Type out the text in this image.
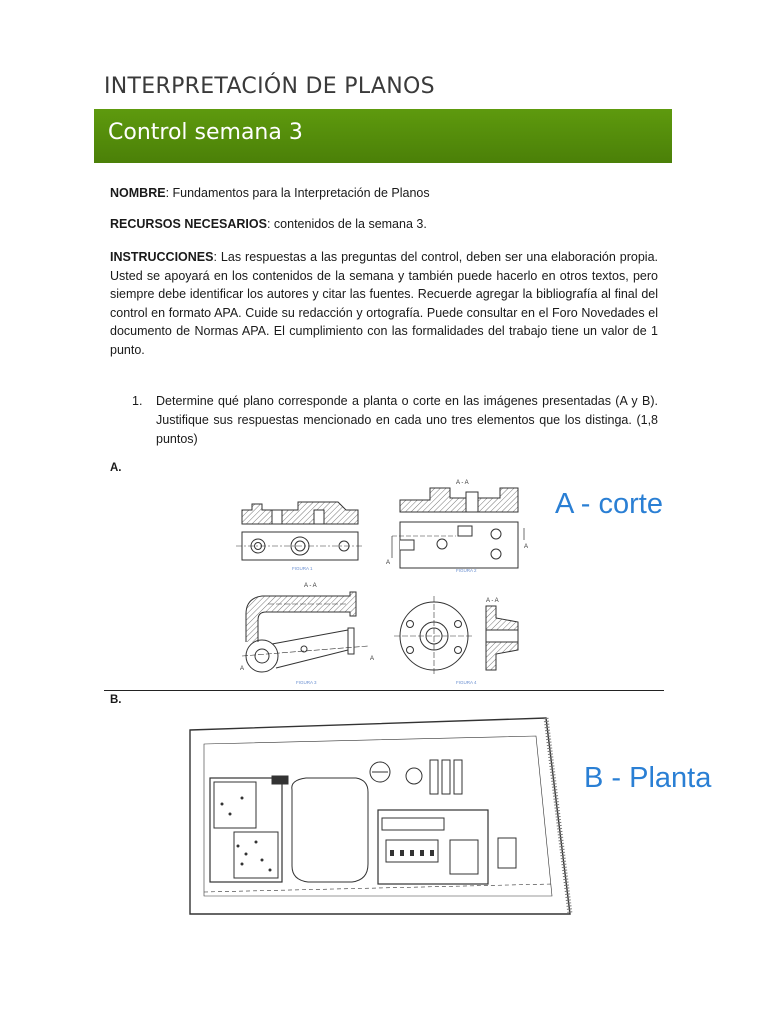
INTERPRETACIÓN DE PLANOS
Control semana 3
NOMBRE: Fundamentos para la Interpretación de Planos
RECURSOS NECESARIOS: contenidos de la semana 3.
INSTRUCCIONES: Las respuestas a las preguntas del control, deben ser una elaboración propia. Usted se apoyará en los contenidos de la semana y también puede hacerlo en otros textos, pero siempre debe identificar los autores y citar las fuentes. Recuerde agregar la bibliografía al final del control en formato APA. Cuide su redacción y ortografía. Puede consultar en el Foro Novedades el documento de Normas APA. El cumplimiento con las formalidades del trabajo tiene un valor de 1 punto.
1. Determine qué plano corresponde a planta o corte en las imágenes presentadas (A y B). Justifique sus respuestas mencionado en cada uno tres elementos que los distinga. (1,8 puntos)
A.
A - A
A - A
A - A
A
A
A
A
FIGURA 1	FIGURA 2
FIGURA 3	FIGURA 4
A - corte
B.
B - Planta
